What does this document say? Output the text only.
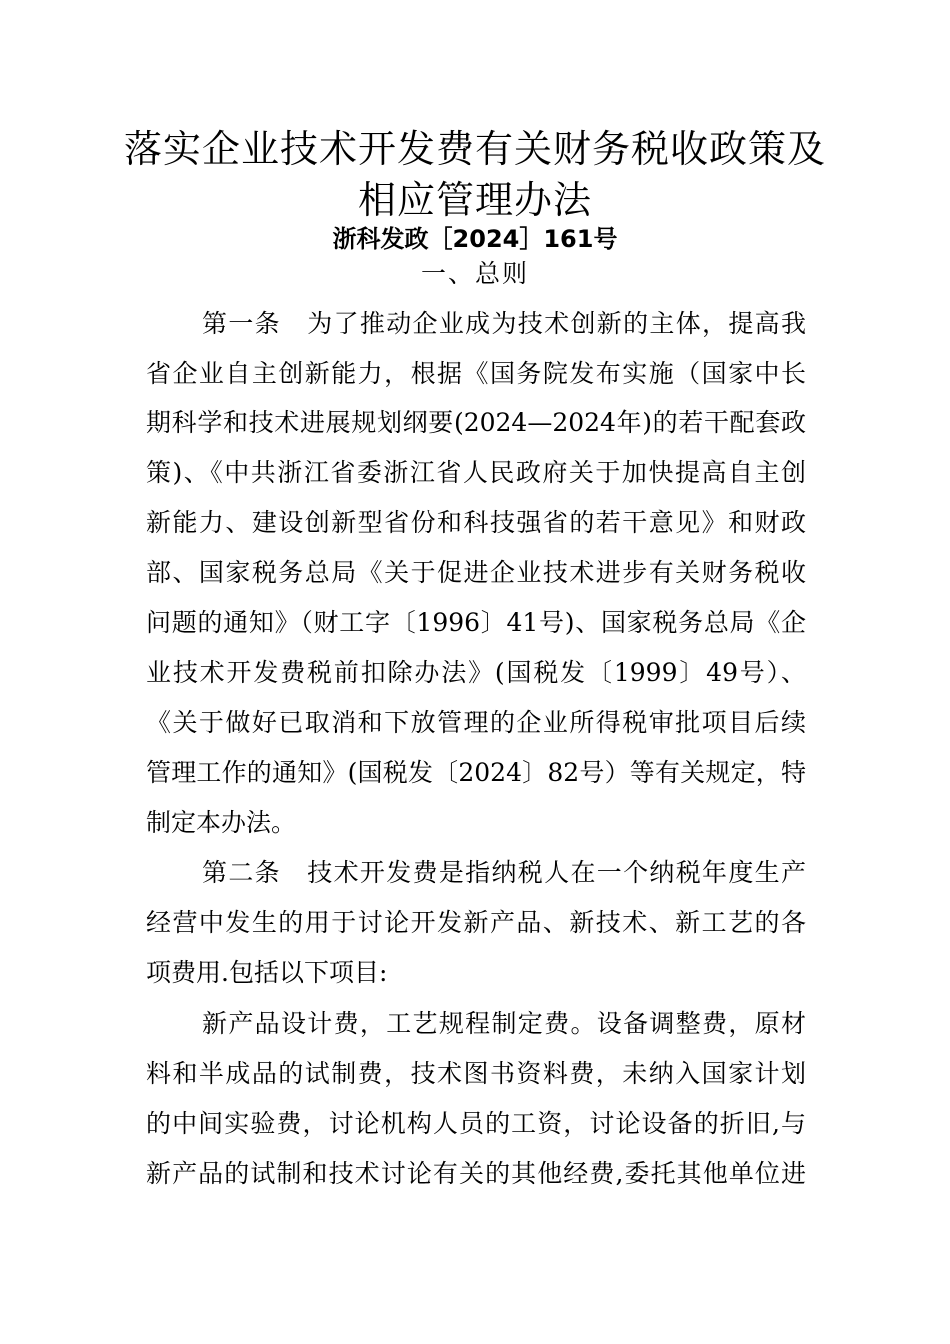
落实企业技术开发费有关财务税收政策及
相应管理办法
浙科发政［2024］161号
一、总则
第一条　为了推动企业成为技术创新的主体，提高我
省企业自主创新能力，根据《国务院发布实施（国家中长
期科学和技术进展规划纲要(2024—2024年)的若干配套政
策)、《中共浙江省委浙江省人民政府关于加快提高自主创
新能力、建设创新型省份和科技强省的若干意见》和财政
部、国家税务总局《关于促进企业技术进步有关财务税收
问题的通知》（财工字〔1996〕41号)、国家税务总局《企
业技术开发费税前扣除办法》(国税发〔1999〕49号）、
《关于做好已取消和下放管理的企业所得税审批项目后续
管理工作的通知》(国税发〔2024〕82号）等有关规定，特
制定本办法。
第二条　技术开发费是指纳税人在一个纳税年度生产
经营中发生的用于讨论开发新产品、新技术、新工艺的各
项费用.包括以下项目:
新产品设计费，工艺规程制定费。设备调整费，原材
料和半成品的试制费，技术图书资料费，未纳入国家计划
的中间实验费，讨论机构人员的工资，讨论设备的折旧,与
新产品的试制和技术讨论有关的其他经费,委托其他单位进
